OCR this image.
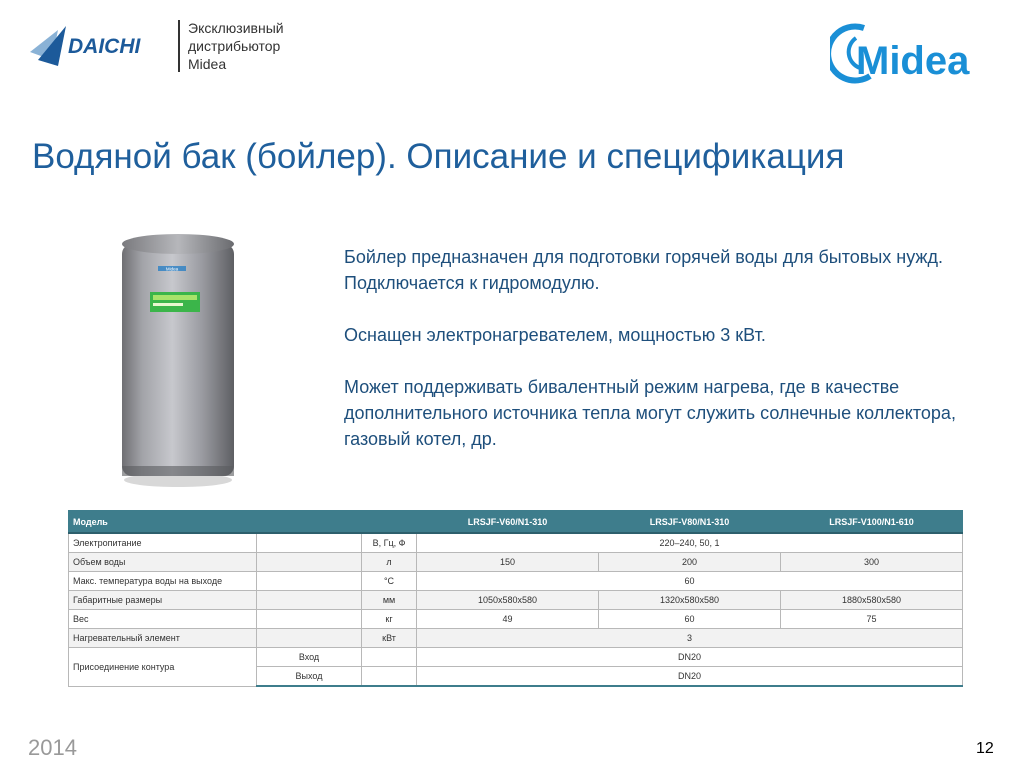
DAICHI
Эксклюзивный
дистрибьютор
Midea	Midea
Водяной бак (бойлер). Описание и спецификация
Midea

Бойлер предназначен для подготовки горячей воды для бытовых нужд. Подключается к гидромодулю.

Оснащен электронагревателем, мощностью 3 кВт.

Может поддерживать бивалентный режим нагрева, где в качестве дополнительного источника тепла могут служить солнечные коллектора, газовый котел, др.

Модель			LRSJF-V60/N1-310	LRSJF-V80/N1-310	LRSJF-V100/N1-610
Электропитание		В, Гц, Ф	220–240, 50, 1		
Объем воды		л	150	200	300
Макс. температура воды на выходе		°С	60		
Габаритные размеры		мм	1050x580x580	1320x580x580	1880x580x580
Вес		кг	49	60	75
Нагревательный элемент		кВт	3		
Присоединение контура	Вход		DN20		
	Выход		DN20		
2014	12
